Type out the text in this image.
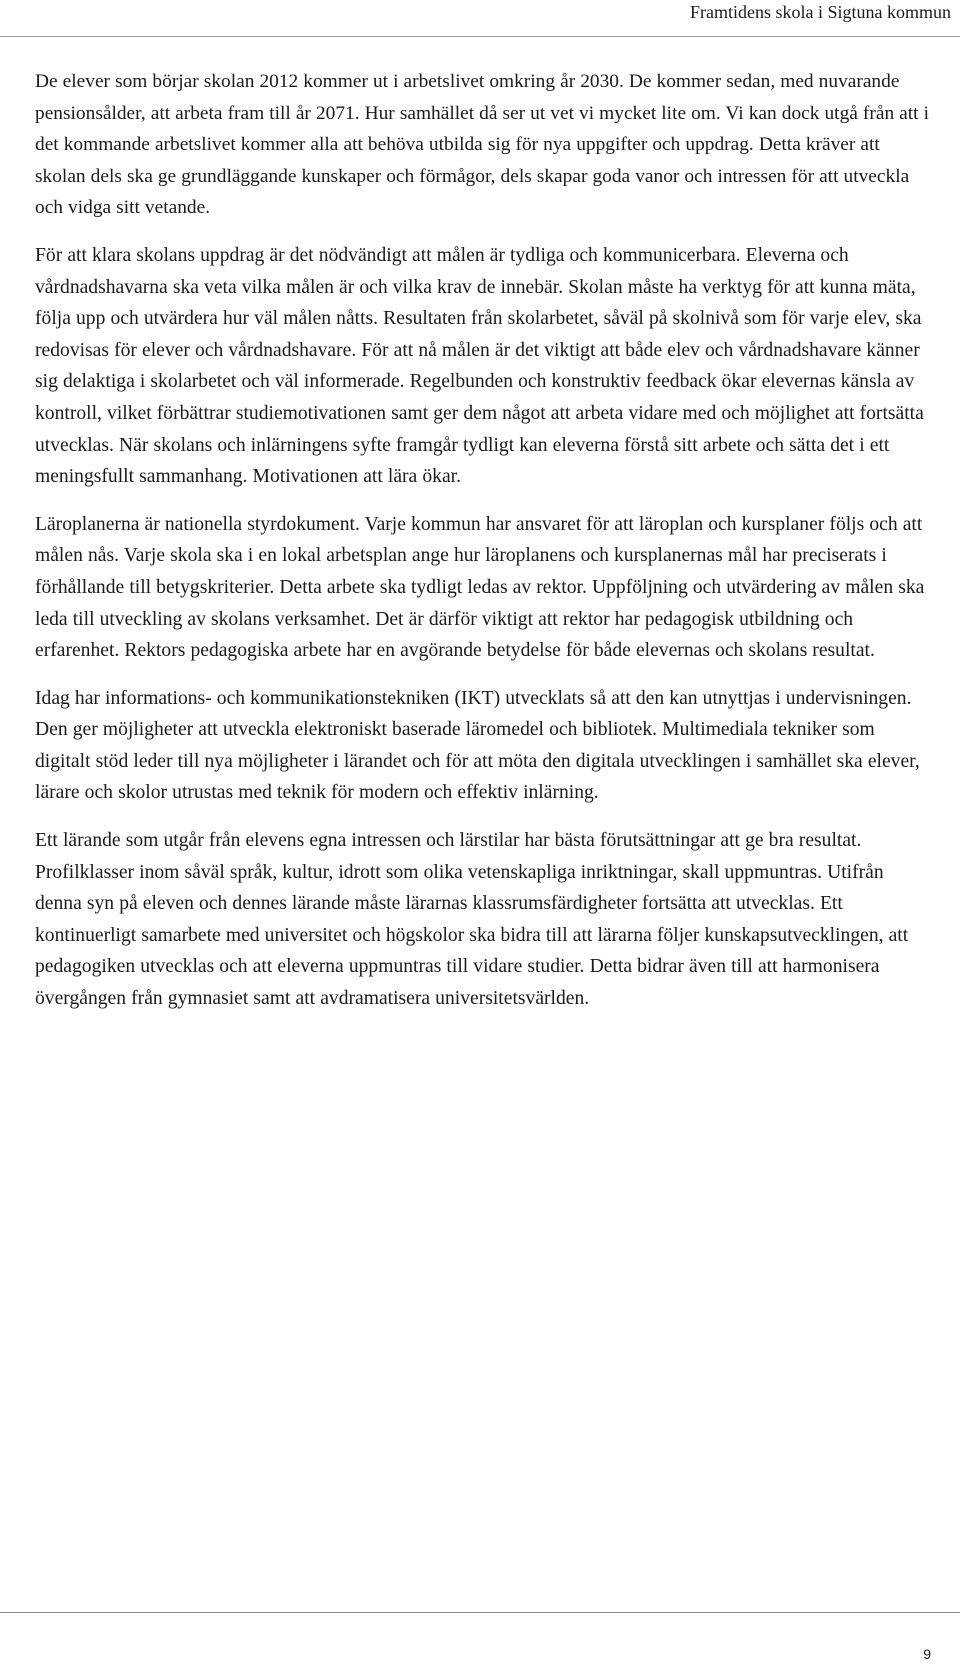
Framtidens skola i Sigtuna kommun

De elever som börjar skolan 2012 kommer ut i arbetslivet omkring år 2030. De kommer sedan, med nuvarande pensionsålder, att arbeta fram till år 2071. Hur samhället då ser ut vet vi mycket lite om. Vi kan dock utgå från att i det kommande arbetslivet kommer alla att behöva utbilda sig för nya uppgifter och uppdrag. Detta kräver att skolan dels ska ge grundläggande kunskaper och förmågor, dels skapar goda vanor och intressen för att utveckla och vidga sitt vetande.

För att klara skolans uppdrag är det nödvändigt att målen är tydliga och kommunicerbara. Eleverna och vårdnadshavarna ska veta vilka målen är och vilka krav de innebär. Skolan måste ha verktyg för att kunna mäta, följa upp och utvärdera hur väl målen nåtts. Resultaten från skolarbetet, såväl på skolnivå som för varje elev, ska redovisas för elever och vårdnadshavare. För att nå målen är det viktigt att både elev och vårdnadshavare känner sig delaktiga i skolarbetet och väl informerade. Regelbunden och konstruktiv feedback ökar elevernas känsla av kontroll, vilket förbättrar studiemotivationen samt ger dem något att arbeta vidare med och möjlighet att fortsätta utvecklas. När skolans och inlärningens syfte framgår tydligt kan eleverna förstå sitt arbete och sätta det i ett meningsfullt sammanhang. Motivationen att lära ökar.

Läroplanerna är nationella styrdokument. Varje kommun har ansvaret för att läroplan och kursplaner följs och att målen nås. Varje skola ska i en lokal arbetsplan ange hur läroplanens och kursplanernas mål har preciserats i förhållande till betygskriterier. Detta arbete ska tydligt ledas av rektor. Uppföljning och utvärdering av målen ska leda till utveckling av skolans verksamhet. Det är därför viktigt att rektor har pedagogisk utbildning och erfarenhet. Rektors pedagogiska arbete har en avgörande betydelse för både elevernas och skolans resultat.

Idag har informations- och kommunikationstekniken (IKT) utvecklats så att den kan utnyttjas i undervisningen. Den ger möjligheter att utveckla elektroniskt baserade läromedel och bibliotek. Multimediala tekniker som digitalt stöd leder till nya möjligheter i lärandet och för att möta den digitala utvecklingen i samhället ska elever, lärare och skolor utrustas med teknik för modern och effektiv inlärning.

Ett lärande som utgår från elevens egna intressen och lärstilar har bästa förutsättningar att ge bra resultat. Profilklasser inom såväl språk, kultur, idrott som olika vetenskapliga inriktningar, skall uppmuntras. Utifrån denna syn på eleven och dennes lärande måste lärarnas klassrumsfärdigheter fortsätta att utvecklas. Ett kontinuerligt samarbete med universitet och högskolor ska bidra till att lärarna följer kunskapsutvecklingen, att pedagogiken utvecklas och att eleverna uppmuntras till vidare studier. Detta bidrar även till att harmonisera övergången från gymnasiet samt att avdramatisera universitetsvärlden.

9
